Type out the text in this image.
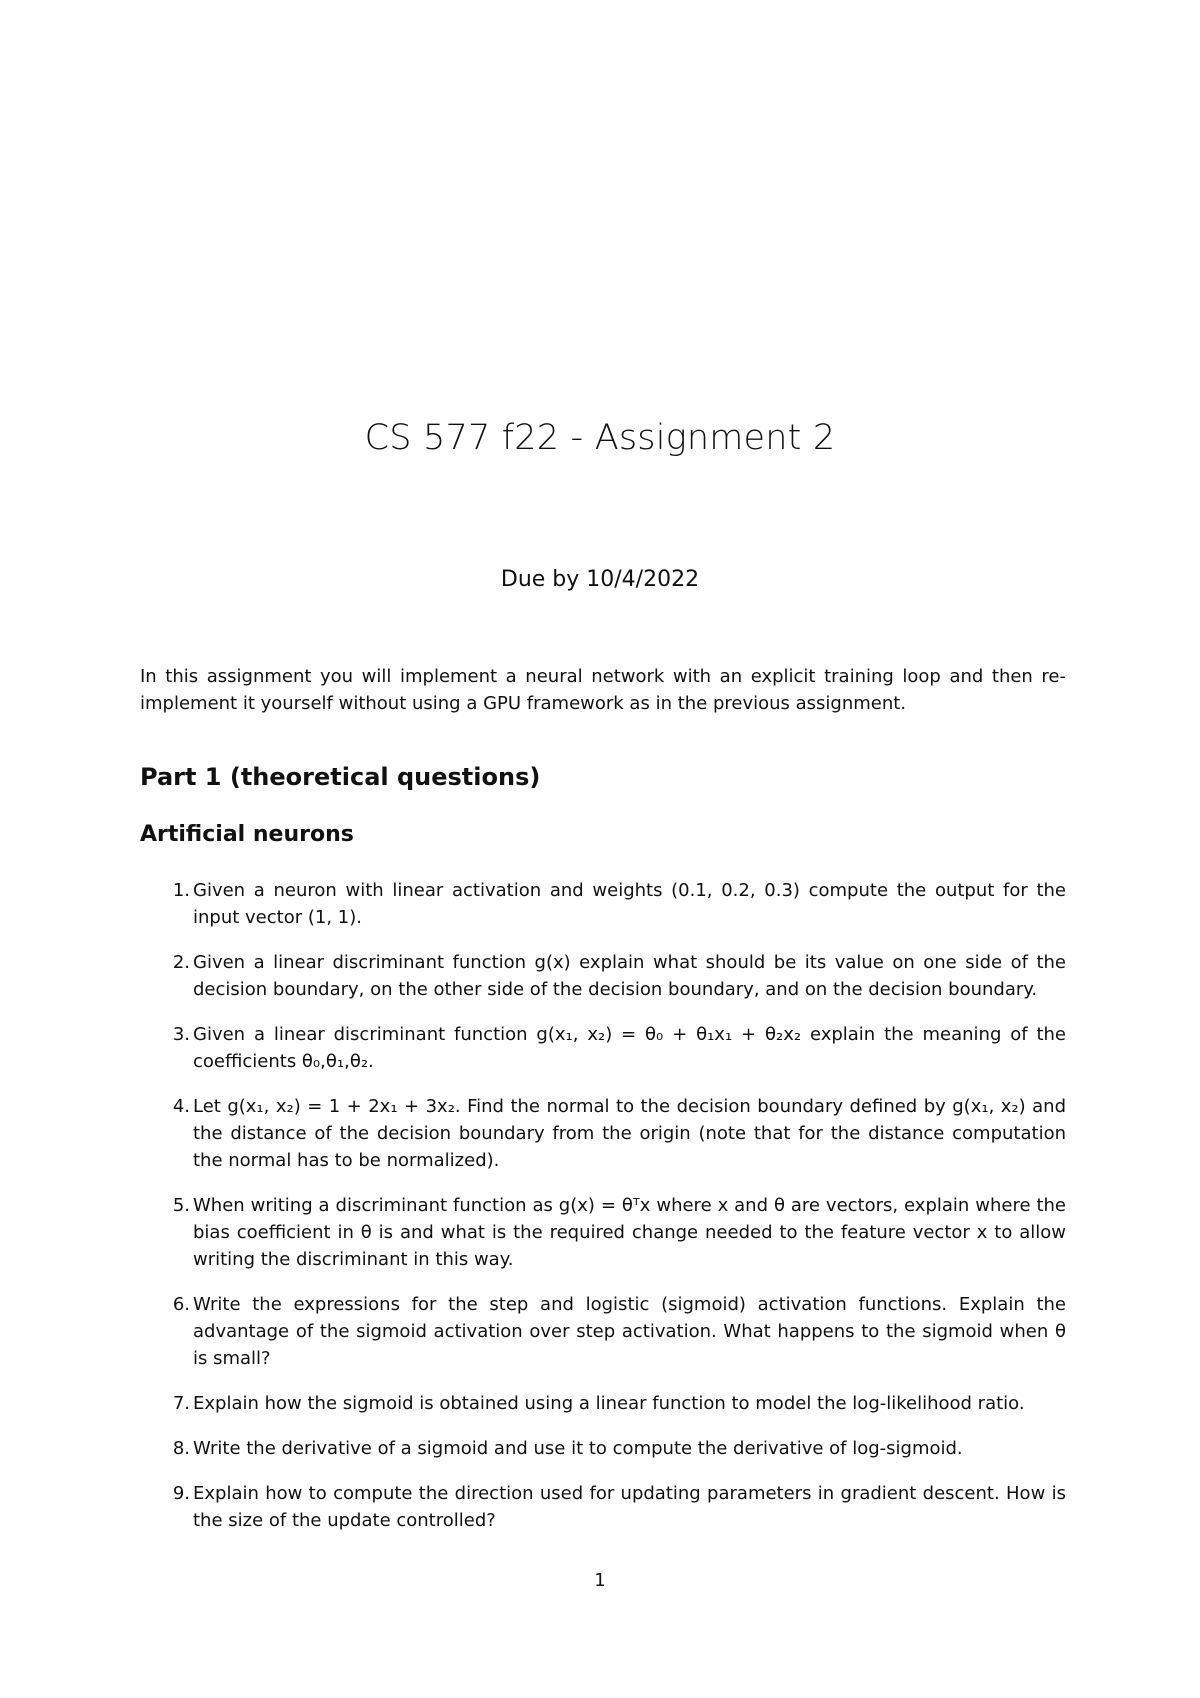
CS 577 f22 - Assignment 2
Due by 10/4/2022
In this assignment you will implement a neural network with an explicit training loop and then re-implement it yourself without using a GPU framework as in the previous assignment.
Part 1 (theoretical questions)
Artificial neurons
1. Given a neuron with linear activation and weights (0.1, 0.2, 0.3) compute the output for the input vector (1, 1).
2. Given a linear discriminant function g(x) explain what should be its value on one side of the decision boundary, on the other side of the decision boundary, and on the decision boundary.
3. Given a linear discriminant function g(x₁, x₂) = θ₀ + θ₁x₁ + θ₂x₂ explain the meaning of the coefficients θ₀,θ₁,θ₂.
4. Let g(x₁, x₂) = 1 + 2x₁ + 3x₂. Find the normal to the decision boundary defined by g(x₁, x₂) and the distance of the decision boundary from the origin (note that for the distance computation the normal has to be normalized).
5. When writing a discriminant function as g(x) = θᵀx where x and θ are vectors, explain where the bias coefficient in θ is and what is the required change needed to the feature vector x to allow writing the discriminant in this way.
6. Write the expressions for the step and logistic (sigmoid) activation functions. Explain the advantage of the sigmoid activation over step activation. What happens to the sigmoid when θ is small?
7. Explain how the sigmoid is obtained using a linear function to model the log-likelihood ratio.
8. Write the derivative of a sigmoid and use it to compute the derivative of log-sigmoid.
9. Explain how to compute the direction used for updating parameters in gradient descent. How is the size of the update controlled?
1
